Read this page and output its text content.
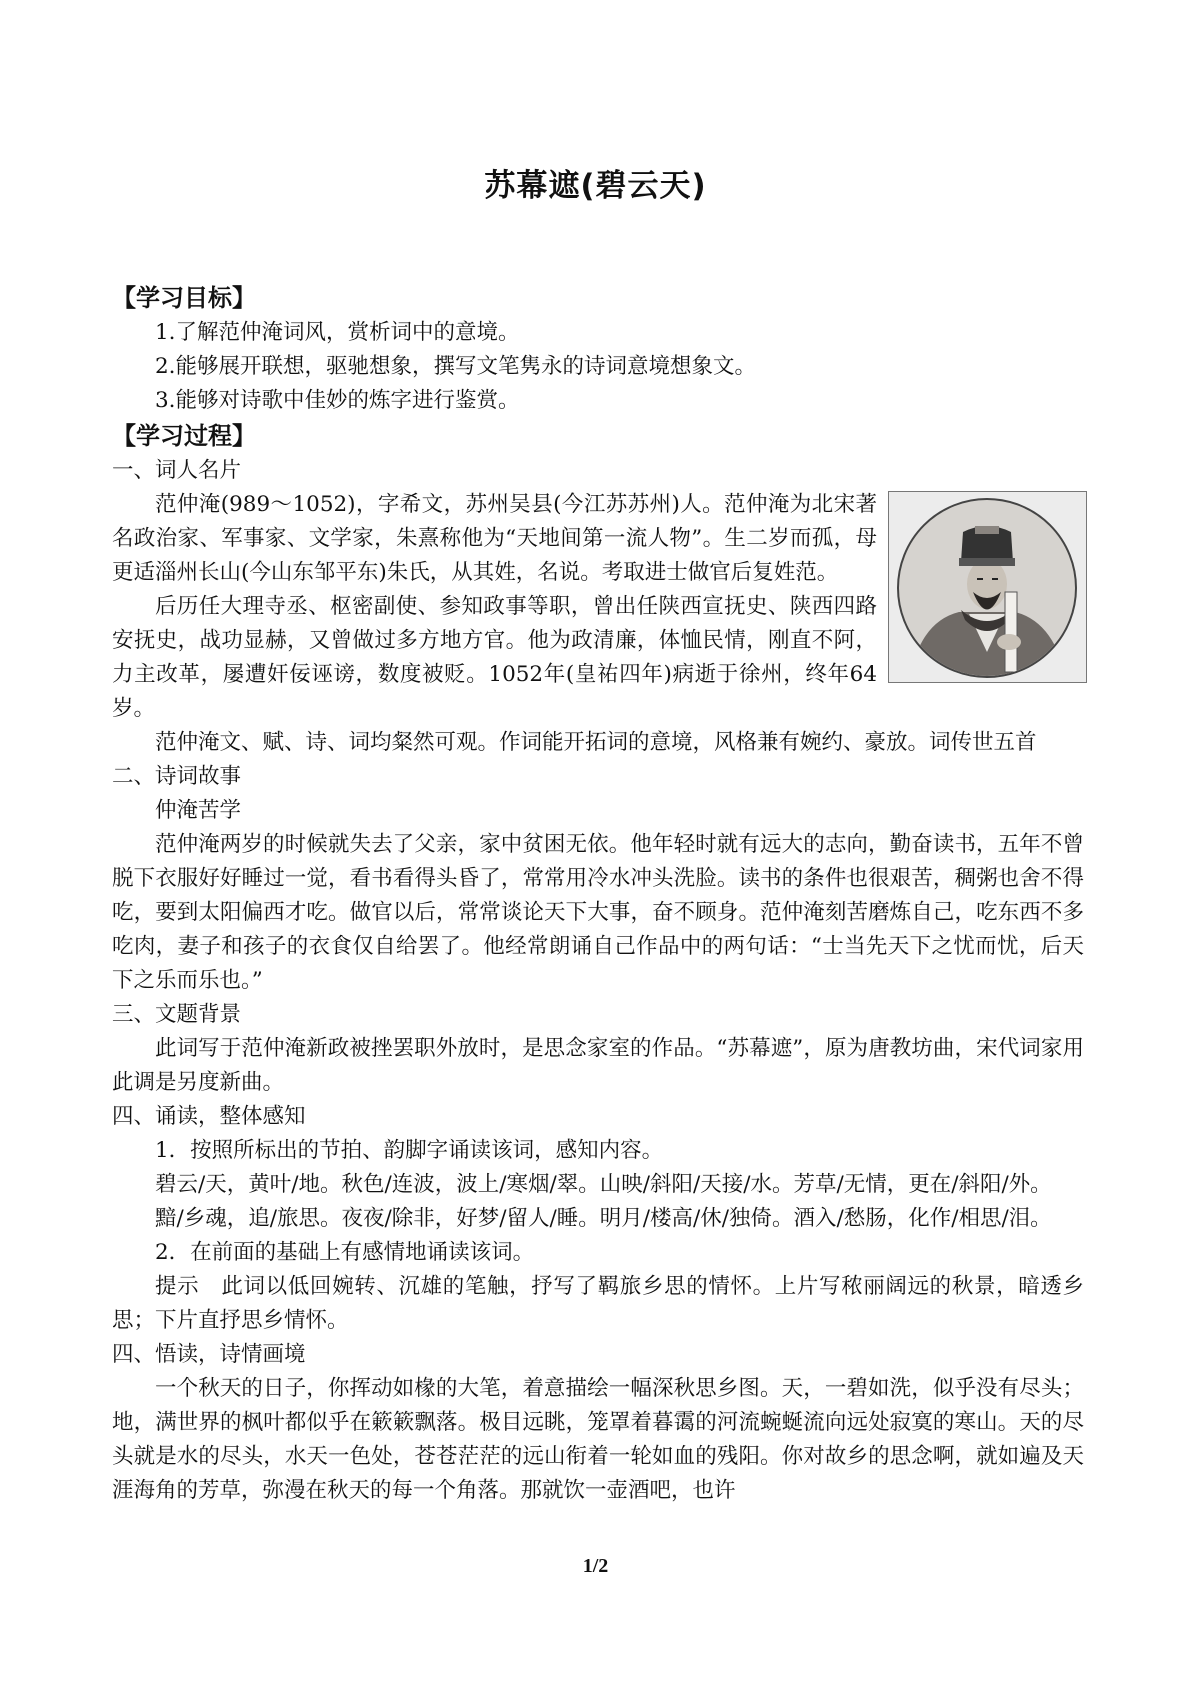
苏幕遮(碧云天)

【学习目标】

1.了解范仲淹词风，赏析词中的意境。

2.能够展开联想，驱驰想象，撰写文笔隽永的诗词意境想象文。

3.能够对诗歌中佳妙的炼字进行鉴赏。

【学习过程】

一、词人名片

范仲淹(989～1052)，字希文，苏州吴县(今江苏苏州)人。范仲淹为北宋著名政治家、军事家、文学家，朱熹称他为“天地间第一流人物”。生二岁而孤，母更适淄州长山(今山东邹平东)朱氏，从其姓，名说。考取进士做官后复姓范。

后历任大理寺丞、枢密副使、参知政事等职，曾出任陕西宣抚史、陕西四路安抚史，战功显赫，又曾做过多方地方官。他为政清廉，体恤民情，刚直不阿，力主改革，屡遭奸佞诬谤，数度被贬。1052年(皇祐四年)病逝于徐州，终年64岁。

范仲淹文、赋、诗、词均粲然可观。作词能开拓词的意境，风格兼有婉约、豪放。词传世五首

二、诗词故事

仲淹苦学

范仲淹两岁的时候就失去了父亲，家中贫困无依。他年轻时就有远大的志向，勤奋读书，五年不曾脱下衣服好好睡过一觉，看书看得头昏了，常常用冷水冲头洗脸。读书的条件也很艰苦，稠粥也舍不得吃，要到太阳偏西才吃。做官以后，常常谈论天下大事，奋不顾身。范仲淹刻苦磨炼自己，吃东西不多吃肉，妻子和孩子的衣食仅自给罢了。他经常朗诵自己作品中的两句话：“士当先天下之忧而忧，后天下之乐而乐也。”

三、文题背景

此词写于范仲淹新政被挫罢职外放时，是思念家室的作品。“苏幕遮”，原为唐教坊曲，宋代词家用此调是另度新曲。

四、诵读，整体感知

1．按照所标出的节拍、韵脚字诵读该词，感知内容。

碧云/天，黄叶/地。秋色/连波，波上/寒烟/翠。山映/斜阳/天接/水。芳草/无情，更在/斜阳/外。

黯/乡魂，追/旅思。夜夜/除非，好梦/留人/睡。明月/楼高/休/独倚。酒入/愁肠，化作/相思/泪。

2．在前面的基础上有感情地诵读该词。

提示　此词以低回婉转、沉雄的笔触，抒写了羁旅乡思的情怀。上片写秾丽阔远的秋景，暗透乡思；下片直抒思乡情怀。

四、悟读，诗情画境

一个秋天的日子，你挥动如椽的大笔，着意描绘一幅深秋思乡图。天，一碧如洗，似乎没有尽头；地，满世界的枫叶都似乎在簌簌飘落。极目远眺，笼罩着暮霭的河流蜿蜒流向远处寂寞的寒山。天的尽头就是水的尽头，水天一色处，苍苍茫茫的远山衔着一轮如血的残阳。你对故乡的思念啊，就如遍及天涯海角的芳草，弥漫在秋天的每一个角落。那就饮一壶酒吧，也许

1/2
